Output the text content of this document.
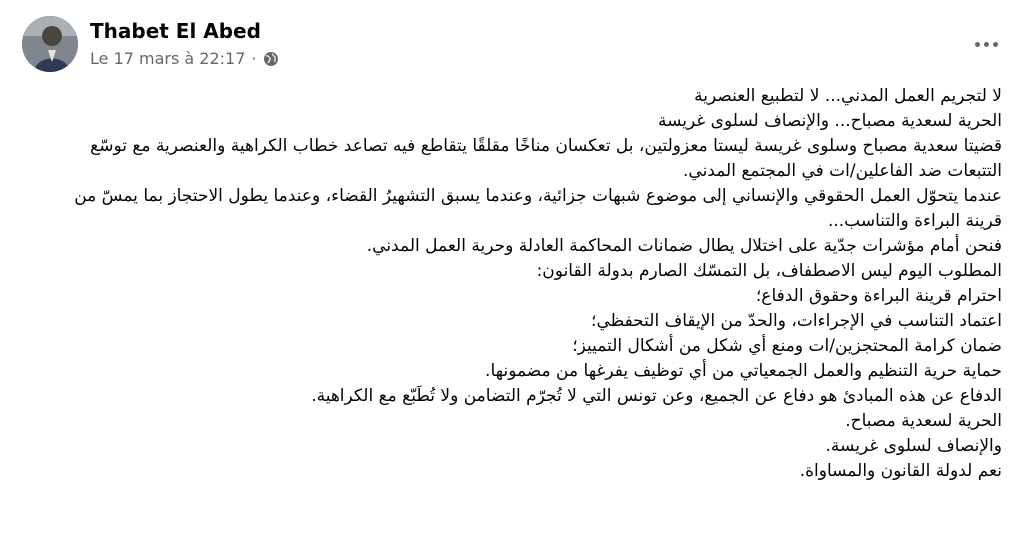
Thabet El Abed
Le 17 mars à 22:17 ·
لا لتجريم العمل المدني... لا لتطبيع العنصرية
الحرية لسعدية مصباح... والإنصاف لسلوى غريسة
قضيتا سعدية مصباح وسلوى غريسة ليستا معزولتين، بل تعكسان مناخًا مقلقًا يتقاطع فيه تصاعد خطاب الكراهية والعنصرية مع توسّع التتبعات ضد الفاعلين/ات في المجتمع المدني.
عندما يتحوّل العمل الحقوقي والإنساني إلى موضوع شبهات جزائية، وعندما يسبق التشهيرُ القضاء، وعندما يطول الاحتجاز بما يمسّ من قرينة البراءة والتناسب...
فنحن أمام مؤشرات جدّية على اختلال يطال ضمانات المحاكمة العادلة وحرية العمل المدني.
المطلوب اليوم ليس الاصطفاف، بل التمسّك الصارم بدولة القانون:
احترام قرينة البراءة وحقوق الدفاع؛
اعتماد التناسب في الإجراءات، والحدّ من الإيقاف التحفظي؛
ضمان كرامة المحتجزين/ات ومنع أي شكل من أشكال التمييز؛
حماية حرية التنظيم والعمل الجمعياتي من أي توظيف يفرغها من مضمونها.
الدفاع عن هذه المبادئ هو دفاع عن الجميع، وعن تونس التي لا تُجرّم التضامن ولا تُطَبّع مع الكراهية.
الحرية لسعدية مصباح.
والإنصاف لسلوى غريسة.
نعم لدولة القانون والمساواة.
